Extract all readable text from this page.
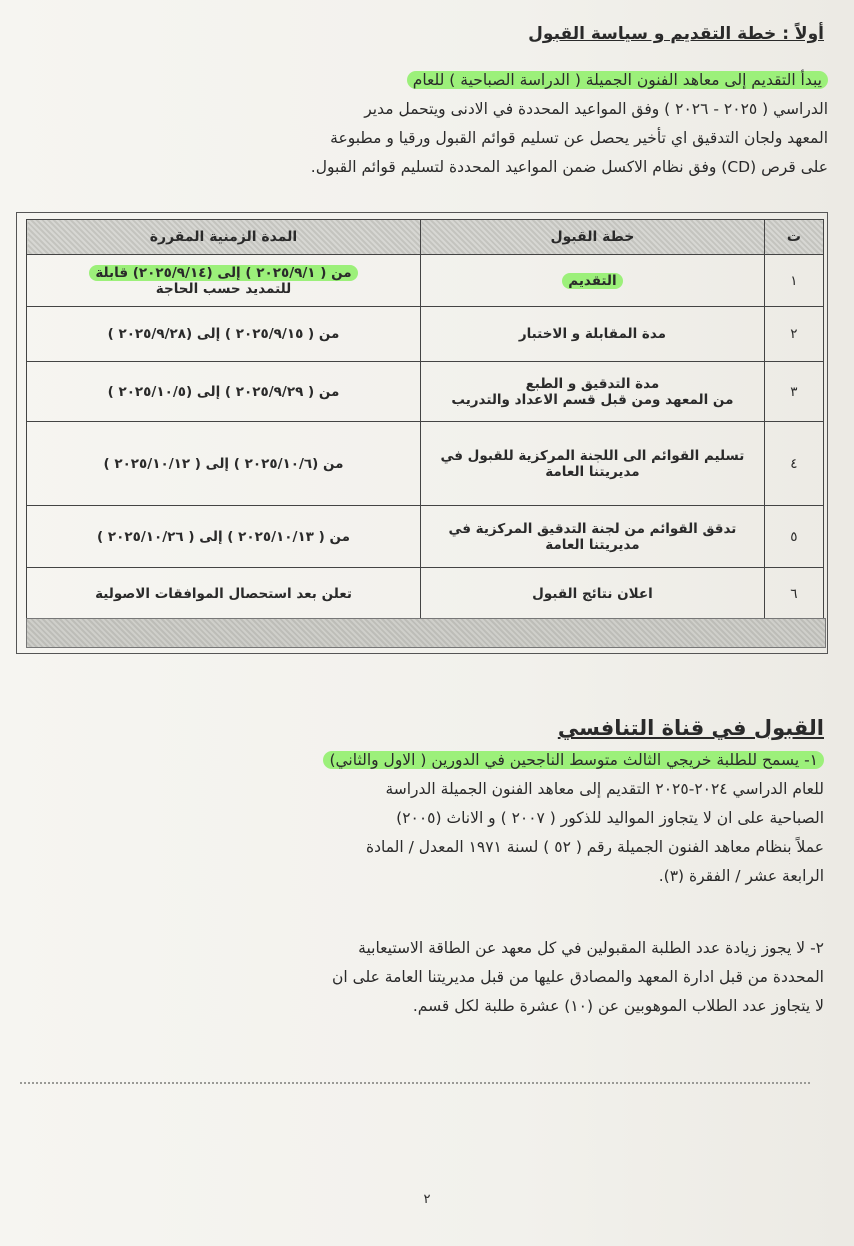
أولاً : خطة التقديم و سياسة القبول
يبدأ التقديم إلى معاهد الفنون الجميلة ( الدراسة الصباحية ) للعام
الدراسي ( ٢٠٢٥ - ٢٠٢٦ ) وفق المواعيد المحددة في الادنى ويتحمل مدير
المعهد ولجان التدقيق اي تأخير يحصل عن تسليم قوائم القبول ورقيا و مطبوعة
على قرص (CD) وفق نظام الاكسل ضمن المواعيد المحددة لتسليم قوائم القبول.
ت	خطة القبول	المدة الزمنية المقررة
١	التقديم	من ( ٢٠٢٥/٩/١ ) إلى (٢٠٢٥/٩/١٤) قابلة
للتمديد حسب الحاجة

٢	مدة المقابلة و الاختبار	من ( ٢٠٢٥/٩/١٥ ) إلى (٢٠٢٥/٩/٢٨ )
٣	مدة التدقيق و الطبع
من المعهد ومن قبل قسم الاعداد والتدريب	من ( ٢٠٢٥/٩/٢٩ ) إلى (٢٠٢٥/١٠/٥ )
٤	تسليم القوائم الى اللجنة المركزية للقبول في
مديريتنا العامة	من (٢٠٢٥/١٠/٦ ) إلى ( ٢٠٢٥/١٠/١٢ )
٥	تدقق القوائم من لجنة التدقيق المركزية في
مديريتنا العامة	من ( ٢٠٢٥/١٠/١٣ ) إلى ( ٢٠٢٥/١٠/٢٦ )
٦	اعلان نتائج القبول	تعلن بعد استحصال الموافقات الاصولية
القبول في قناة التنافسي
١- يسمح للطلبة خريجي الثالث متوسط الناجحين في الدورين ( الاول والثاني)
للعام الدراسي ٢٠٢٤-٢٠٢٥ التقديم إلى معاهد الفنون الجميلة الدراسة
الصباحية على ان لا يتجاوز المواليد للذكور ( ٢٠٠٧ ) و الاناث (٢٠٠٥)
عملاً بنظام معاهد الفنون الجميلة رقم ( ٥٢ ) لسنة ١٩٧١ المعدل / المادة
الرابعة عشر / الفقرة (٣).
٢- لا يجوز زيادة عدد الطلبة المقبولين في كل معهد عن الطاقة الاستيعابية
المحددة من قبل ادارة المعهد والمصادق عليها من قبل مديريتنا العامة على ان
لا يتجاوز عدد الطلاب الموهوبين عن (١٠) عشرة طلبة لكل قسم.
٢
